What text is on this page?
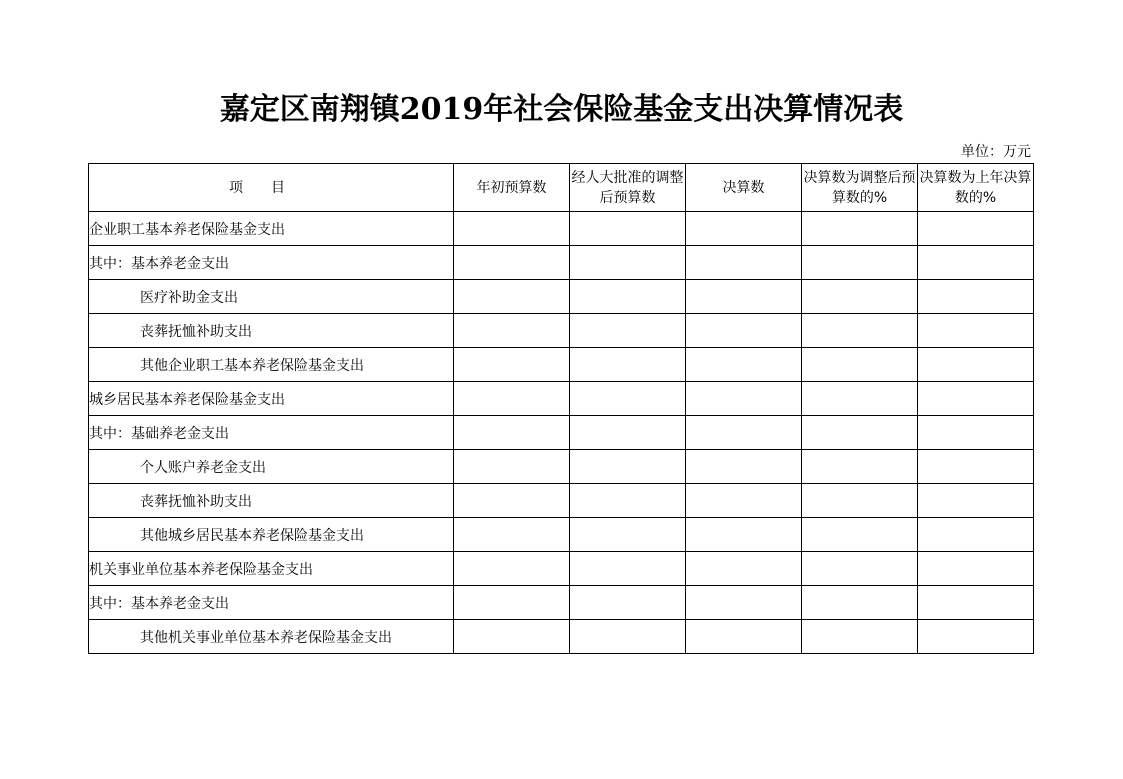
嘉定区南翔镇2019年社会保险基金支出决算情况表
单位：万元
项目	年初预算数	经人大批准的调整后预算数	决算数	决算数为调整后预算数的%	决算数为上年决算数的%
企业职工基本养老保险基金支出					
其中：基本养老金支出					
医疗补助金支出					
丧葬抚恤补助支出					
其他企业职工基本养老保险基金支出					
城乡居民基本养老保险基金支出					
其中：基础养老金支出					
个人账户养老金支出					
丧葬抚恤补助支出					
其他城乡居民基本养老保险基金支出					
机关事业单位基本养老保险基金支出					
其中：基本养老金支出					
其他机关事业单位基本养老保险基金支出					
